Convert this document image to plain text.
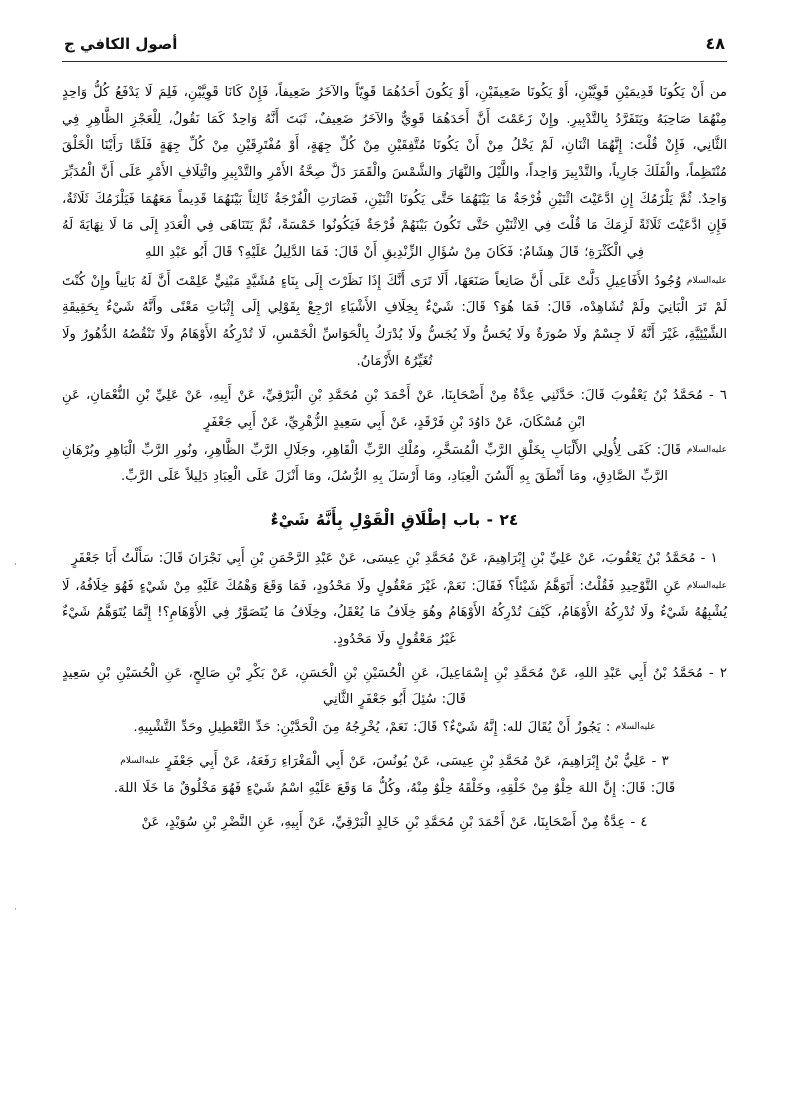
أصول الكافي ج	٤٨

من أَنْ يَكُونَا قَدِيمَيْنِ قَوِيَّيْنِ، أَوْ يَكُونَا ضَعِيفَيْنِ، أَوْ يَكُونَ أَحَدُهُمَا قَوِيّاً والآخَرُ ضَعِيفاً، فَإِنْ كَانَا قَوِيَّيْنِ، فَلِمَ لَا يَدْفَعُ كُلُّ وَاحِدٍ مِنْهُمَا صَاحِبَهُ ويَتَفَرَّدُ بِالتَّدْبِيرِ. وإِنْ زَعَمْتَ أَنَّ أَحَدَهُمَا قَوِيٌّ والآخَرُ ضَعِيفٌ، ثَبَتَ أَنَّهُ وَاحِدٌ كَمَا نَقُولُ، لِلْعَجْزِ الظَّاهِرِ فِي الثَّانِي، فَإِنْ قُلْتَ: إِنَّهُمَا اثْنَانِ، لَمْ يَخْلُ مِنْ أَنْ يَكُونَا مُتَّفِقَيْنِ مِنْ كُلِّ جِهَةٍ، أَوْ مُفْتَرِقَيْنِ مِنْ كُلِّ جِهَةٍ فَلَمَّا رَأَيْنَا الْخَلْقَ مُنْتَظِماً، والْفَلَكَ جَارِياً، والتَّدْبِيرَ وَاحِداً، واللَّيْلَ والنَّهَارَ والشَّمْسَ والْقَمَرَ دَلَّ صِحَّةُ الأَمْرِ والتَّدْبِيرِ وائْتِلَافِ الأَمْرِ عَلَى أَنَّ الْمُدَبِّرَ وَاحِدٌ. ثُمَّ يَلْزَمُكَ إِنِ ادَّعَيْتَ اثْنَيْنِ فُرْجَةٌ مَا بَيْنَهُمَا حَتَّى يَكُونَا اثْنَيْنِ، فَصَارَتِ الْفُرْجَةُ ثَالِثاً بَيْنَهُمَا قَدِيماً مَعَهُمَا فَيَلْزَمُكَ ثَلَاثَةٌ، فَإِنِ ادَّعَيْتَ ثَلَاثَةً لَزِمَكَ مَا قُلْتَ فِي الِاثْنَيْنِ حَتَّى تَكُونَ بَيْنَهُمْ فُرْجَةٌ فَيَكُونُوا خَمْسَةً، ثُمَّ يَتَنَاهَى فِي الْعَدَدِ إِلَى مَا لَا نِهَايَةَ لَهُ فِي الْكَثْرَةِ؛ قَالَ هِشَامٌ: فَكَانَ مِنْ سُؤَالِ الزِّنْدِيقِ أَنْ قَالَ: فَمَا الدَّلِيلُ عَلَيْهِ؟ قَالَ أَبُو عَبْدِ اللهِ

عليه‌السلام وُجُودُ الأَفَاعِيلِ دَلَّتْ عَلَى أَنَّ صَانِعاً صَنَعَهَا، أَلَا تَرَى أَنَّكَ إِذَا نَظَرْتَ إِلَى بِنَاءٍ مُشَيَّدٍ مَبْنِيٍّ عَلِمْتَ أَنَّ لَهُ بَانِياً وإِنْ كُنْتَ لَمْ تَرَ الْبَانِيَ ولَمْ تُشَاهِدْه، قَالَ: فَمَا هُوَ؟ قَالَ: شَيْءٌ بِخِلَافِ الأَشْيَاءِ ارْجِعْ بِقَوْلِي إِلَى إِثْبَاتِ مَعْنًى وأَنَّهُ شَيْءٌ بِحَقِيقَةِ الشَّيْئِيَّةِ، غَيْرَ أَنَّهُ لَا جِسْمٌ ولَا صُورَةٌ ولَا يُحَسُّ ولَا يُجَسُّ ولَا يُدْرَكُ بِالْحَوَاسِّ الْخَمْسِ، لَا تُدْرِكُهُ الأَوْهَامُ ولَا تَنْقُصُهُ الدُّهُورُ ولَا تُغَيِّرُهُ الأَزْمَانُ.

٦ - مُحَمَّدُ بْنُ يَعْقُوبَ قَالَ: حَدَّثَنِي عِدَّةٌ مِنْ أَصْحَابِنَا، عَنْ أَحْمَدَ بْنِ مُحَمَّدِ بْنِ الْبَرْقِيِّ، عَنْ أَبِيهِ، عَنْ عَلِيِّ بْنِ النُّعْمَانِ، عَنِ ابْنِ مُسْكَانَ، عَنْ دَاوُدَ بْنِ فَرْقَدٍ، عَنْ أَبِي سَعِيدٍ الزُّهْرِيِّ، عَنْ أَبِي جَعْفَرٍ

عليه‌السلام قَالَ: كَفَى لِأُولِي الأَلْبَابِ بِخَلْقِ الرَّبِّ الْمُسَخَّرِ، ومُلْكِ الرَّبِّ الْقَاهِرِ، وجَلَالِ الرَّبِّ الظَّاهِرِ، ونُورِ الرَّبِّ الْبَاهِرِ وبُرْهَانِ الرَّبِّ الصَّادِقِ، ومَا أَنْطَقَ بِهِ أَلْسُنَ الْعِبَادِ، ومَا أَرْسَلَ بِهِ الرُّسُلَ، ومَا أَنْزَلَ عَلَى الْعِبَادِ دَلِيلاً عَلَى الرَّبِّ.

٢٤ - باب إطْلَاقِ الْقَوْلِ بِأَنَّهُ شَيْءٌ

١ - مُحَمَّدُ بْنُ يَعْقُوبَ، عَنْ عَلِيِّ بْنِ إِبْرَاهِيمَ، عَنْ مُحَمَّدِ بْنِ عِيسَى، عَنْ عَبْدِ الرَّحْمَنِ بْنِ أَبِي نَجْرَانَ قَالَ: سَأَلْتُ أَبَا جَعْفَرٍ

عليه‌السلام عَنِ التَّوْحِيدِ فَقُلْتُ: أَتَوَهَّمُ شَيْئاً؟ فَقَالَ: نَعَمْ، غَيْرَ مَعْقُولٍ ولَا مَحْدُودٍ، فَمَا وَقَعَ وَهْمُكَ عَلَيْهِ مِنْ شَيْءٍ فَهُوَ خِلَافُهُ، لَا يُشْبِهُهُ شَيْءٌ ولَا تُدْرِكُهُ الأَوْهَامُ، كَيْفَ تُدْرِكُهُ الأَوْهَامُ وهُوَ خِلَافُ مَا يُعْقَلُ، وخِلَافُ مَا يُتَصَوَّرُ فِي الأَوْهَامِ؟! إِنَّمَا يُتَوَهَّمُ شَيْءٌ غَيْرُ مَعْقُولٍ ولَا مَحْدُودٍ.

٢ - مُحَمَّدُ بْنُ أَبِي عَبْدِ اللهِ، عَنْ مُحَمَّدِ بْنِ إِسْمَاعِيلَ، عَنِ الْحُسَيْنِ بْنِ الْحَسَنِ، عَنْ بَكْرِ بْنِ صَالِحٍ، عَنِ الْحُسَيْنِ بْنِ سَعِيدٍ قَالَ: سُئِلَ أَبُو جَعْفَرٍ الثَّانِي

عليه‌السلام : يَجُوزُ أَنْ يُقَالَ لله: إِنَّهُ شَيْءٌ؟ قَالَ: نَعَمْ، يُخْرِجُهُ مِنَ الْحَدَّيْنِ: حَدِّ التَّعْطِيلِ وحَدِّ التَّشْبِيهِ.

٣ - عَلِيُّ بْنُ إِبْرَاهِيمَ، عَنْ مُحَمَّدِ بْنِ عِيسَى، عَنْ يُونُسَ، عَنْ أَبِي الْمَغْرَاءِ رَفَعَهُ، عَنْ أَبِي جَعْفَرٍ عليه‌السلام

قَالَ: قَالَ: إِنَّ اللهَ خِلْوٌ مِنْ خَلْقِهِ، وخَلْقَهُ خِلْوٌ مِنْهُ، وكُلُّ مَا وَقَعَ عَلَيْهِ اسْمُ شَيْءٍ فَهُوَ مَخْلُوقٌ مَا خَلَا اللهَ.

٤ - عِدَّةٌ مِنْ أَصْحَابِنَا، عَنْ أَحْمَدَ بْنِ مُحَمَّدِ بْنِ خَالِدٍ الْبَرْقِيِّ، عَنْ أَبِيهِ، عَنِ النَّضْرِ بْنِ سُوَيْدٍ، عَنْ

·
·
